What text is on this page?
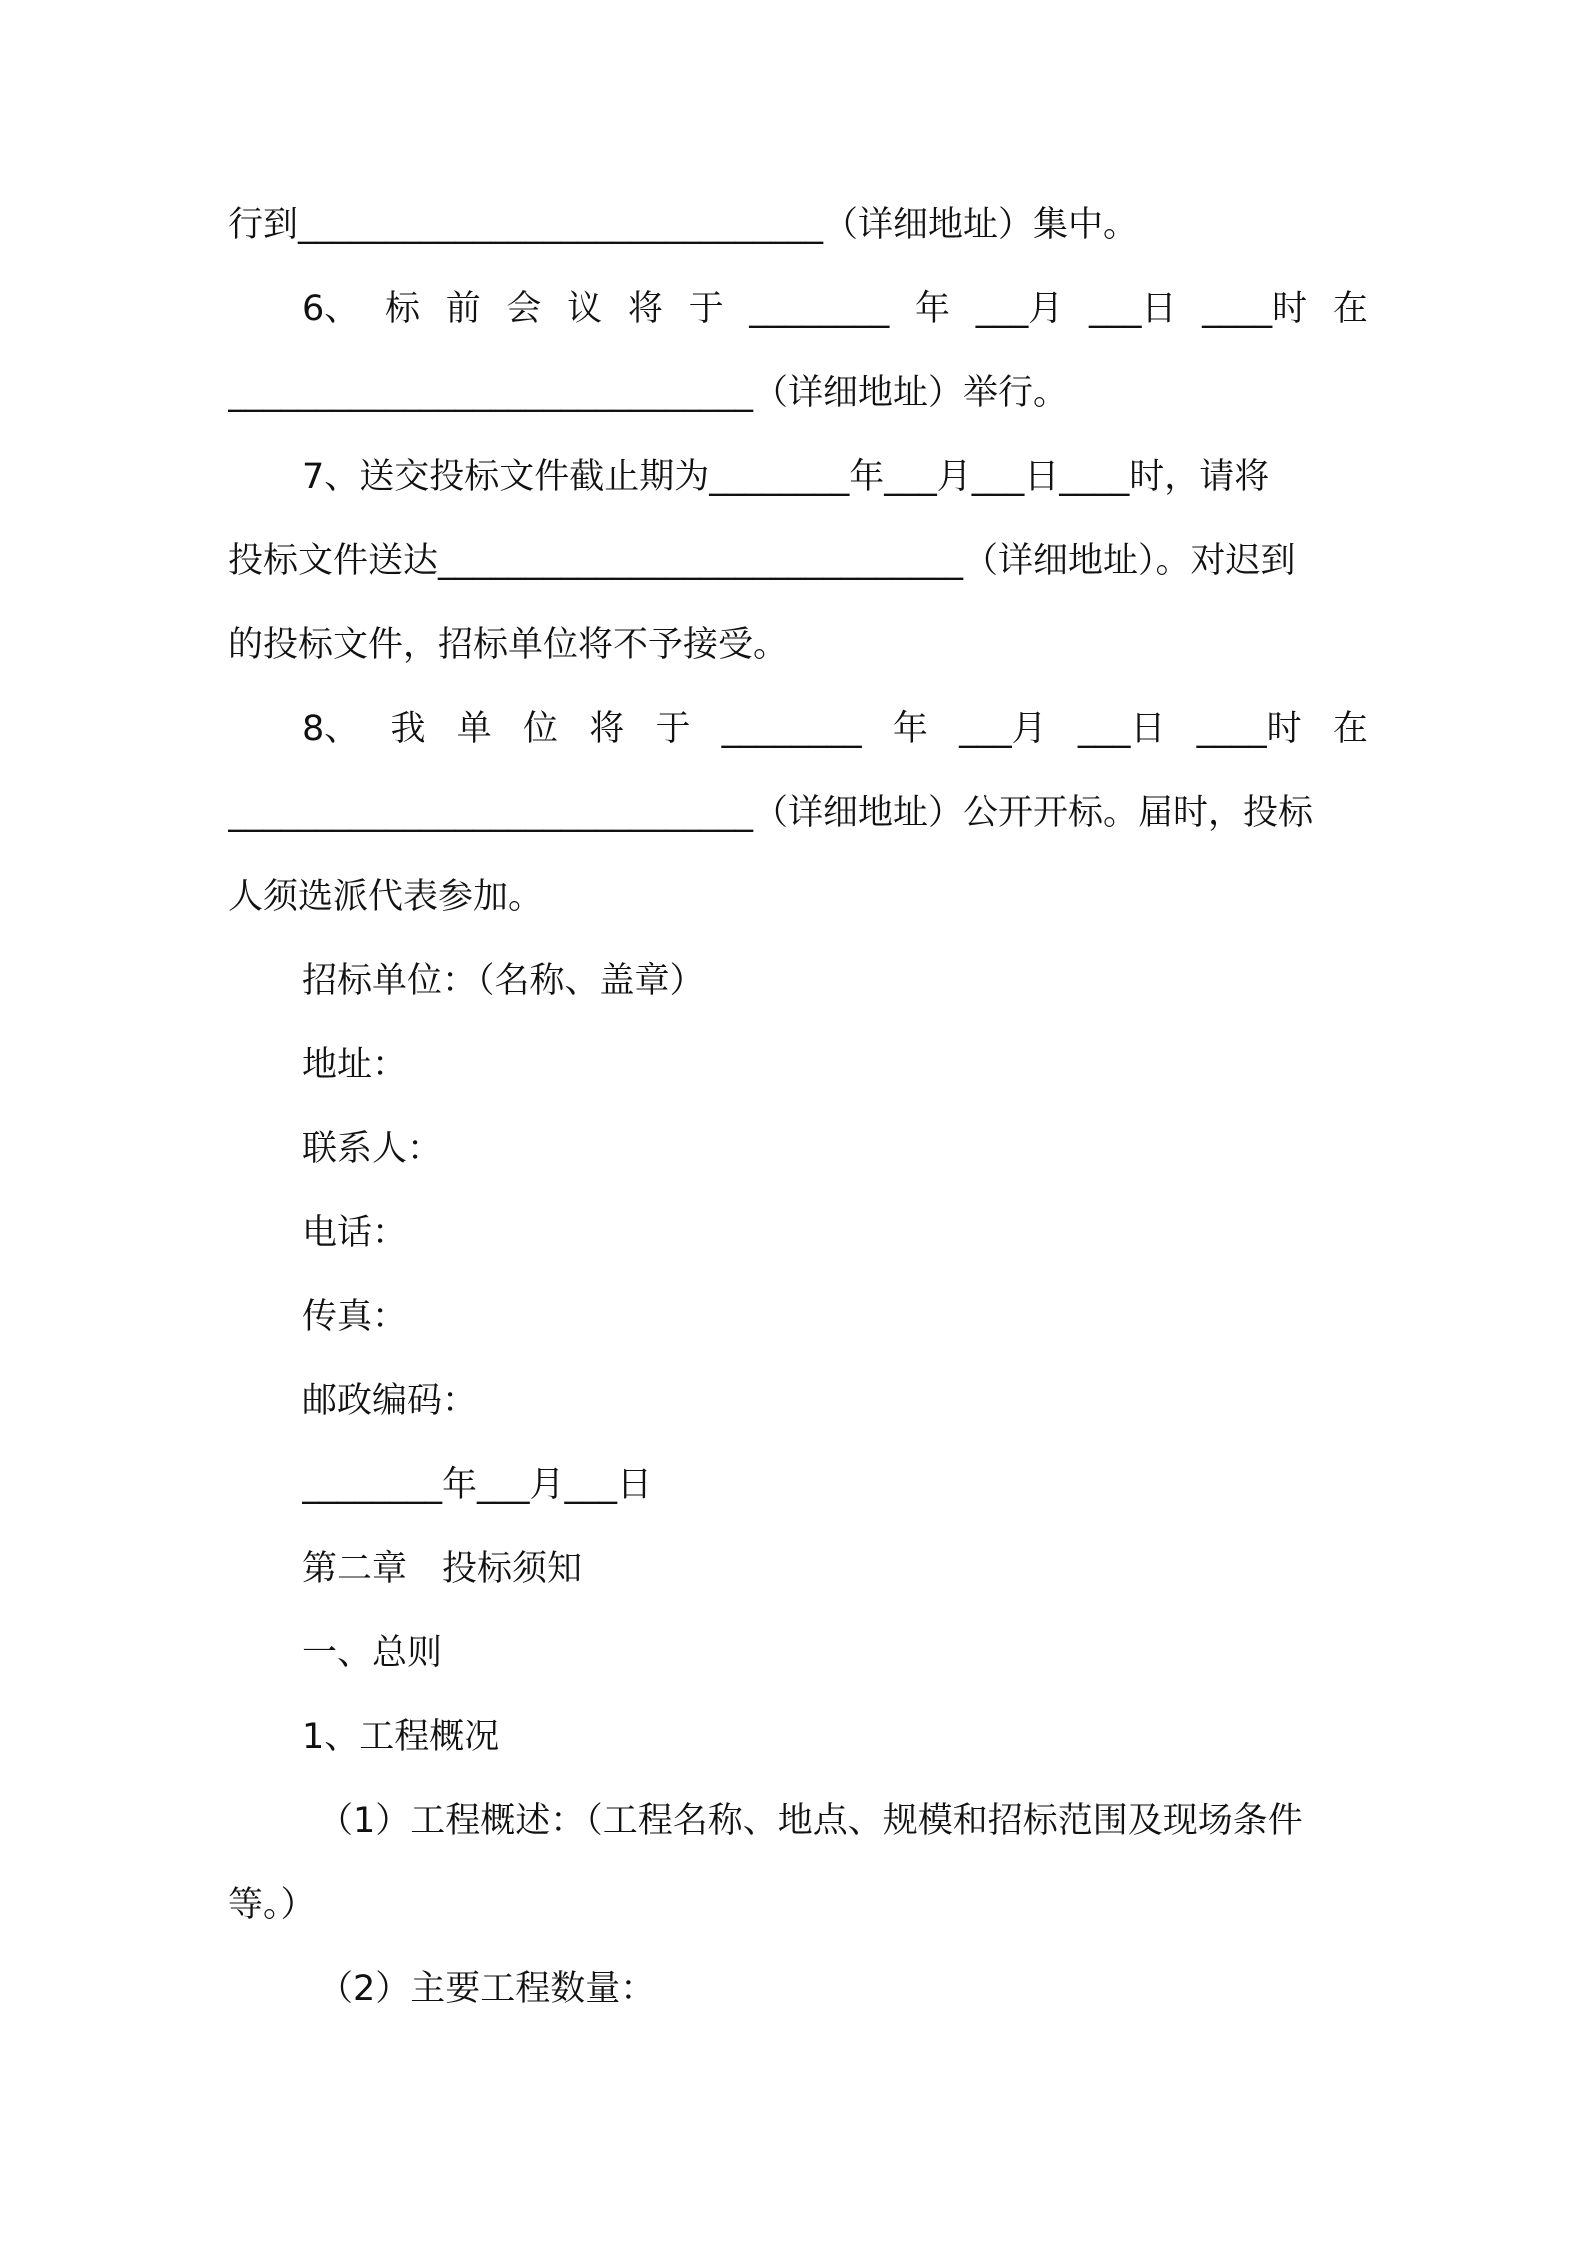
行到______________________________（详细地址）集中。
6、 标 前 会 议 将 于 ________ 年 ___月 ___日 ____时 在
______________________________（详细地址）举行。
7、送交投标文件截止期为________年___月___日____时，请将
投标文件送达______________________________（详细地址）。对迟到
的投标文件，招标单位将不予接受。
8、 我 单 位 将 于 ________ 年 ___月 ___日 ____时 在
______________________________（详细地址）公开开标。届时，投标
人须选派代表参加。
招标单位：（名称、盖章）
地址：
联系人：
电话：
传真：
邮政编码：
________年___月___日
第二章　投标须知
一、总则
1、工程概况
（1）工程概述：（工程名称、地点、规模和招标范围及现场条件
等。）
（2）主要工程数量：
